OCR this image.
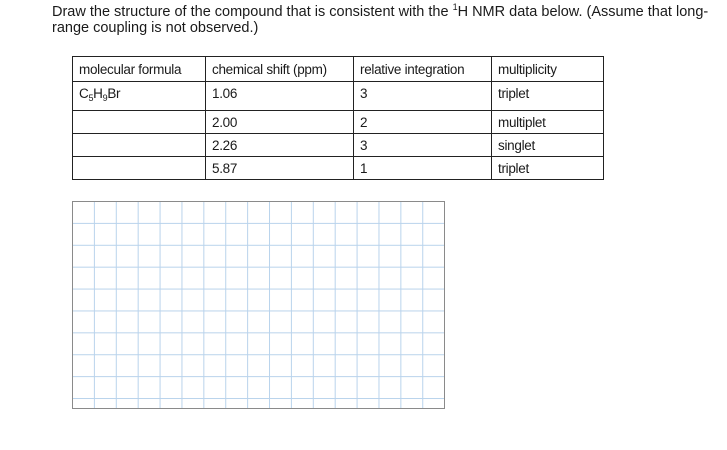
Draw the structure of the compound that is consistent with the $^1$H NMR data below. (Assume that long-range coupling is not observed.)
molecular formula	chemical shift (ppm)	relative integration	multiplicity
$C_5H_9Br$	1.06	3	triplet

	2.00	2	multiplet
	2.26	3	singlet
	5.87	1	triplet
